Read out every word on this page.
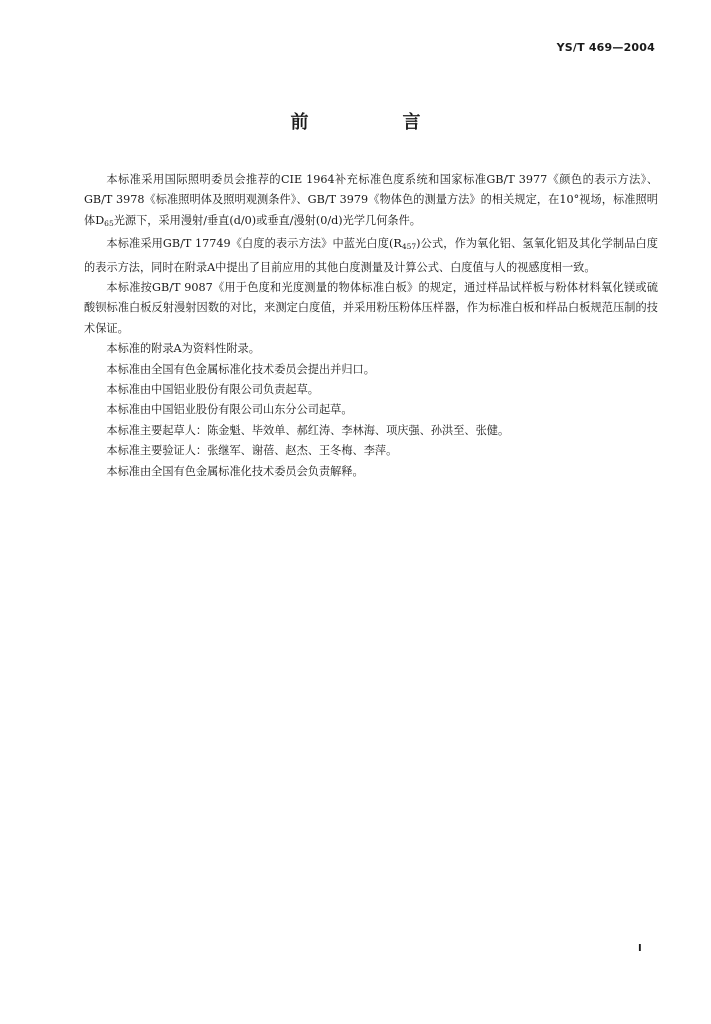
YS/T 469—2004
前　言

本标准采用国际照明委员会推荐的CIE 1964补充标准色度系统和国家标准GB/T 3977《颜色的表示方法》、GB/T 3978《标准照明体及照明观测条件》、GB/T 3979《物体色的测量方法》的相关规定，在10°视场，标准照明体$D_{65}$光源下，采用漫射/垂直(d/0)或垂直/漫射(0/d)光学几何条件。

本标准采用GB/T 17749《白度的表示方法》中蓝光白度$(R_{457})$公式，作为氧化铝、氢氧化铝及其化学制品白度的表示方法，同时在附录A中提出了目前应用的其他白度测量及计算公式、白度值与人的视感度相一致。

本标准按GB/T 9087《用于色度和光度测量的物体标准白板》的规定，通过样品试样板与粉体材料氧化镁或硫酸钡标准白板反射漫射因数的对比，来测定白度值，并采用粉压粉体压样器，作为标准白板和样品白板规范压制的技术保证。

本标准的附录A为资料性附录。

本标准由全国有色金属标准化技术委员会提出并归口。

本标准由中国铝业股份有限公司负责起草。

本标准由中国铝业股份有限公司山东分公司起草。

本标准主要起草人：陈金魁、毕效单、郝红涛、李林海、项庆强、孙洪至、张健。

本标准主要验证人：张继军、谢蓓、赵杰、王冬梅、李萍。

本标准由全国有色金属标准化技术委员会负责解释。

I
